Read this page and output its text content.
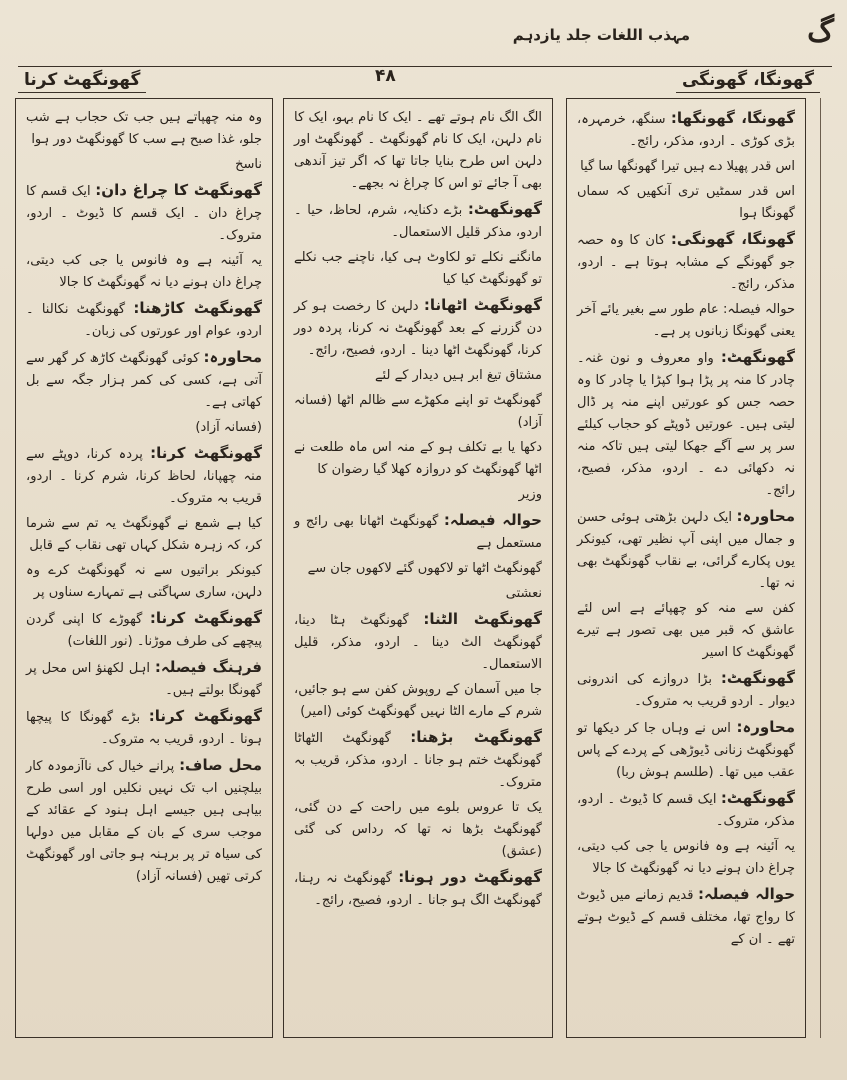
گ
مہذب اللغات جلد یازدہم
گھونگھٹ کرنا	۴۸	گھونگا، گھونگی

گھونگا، گھونگھا: سنگھ، خرمہرہ، بڑی کوڑی ۔ اردو، مذکر، رائج۔

اس قدر پھیلا دے ہیں تیرا گھونگھا سا گیا

اس قدر سمٹیں تری آنکھیں کہ سماں گھونگا ہوا

گھونگا، گھونگی: کان کا وہ حصہ جو گھونگے کے مشابہ ہوتا ہے ۔ اردو، مذکر، رائج۔

حوالہ فیصلہ: عام طور سے بغیر یائے آخر یعنی گھونگا زبانوں پر ہے۔

گھونگھٹ: واو معروف و نون غنہ۔ چادر کا منہ پر پڑا ہوا کپڑا یا چادر کا وہ حصہ جس کو عورتیں اپنے منہ پر ڈال لیتی ہیں۔ عورتیں ڈوپٹے کو حجاب کیلئے سر پر سے آگے جھکا لیتی ہیں تاکہ منہ نہ دکھائی دے ۔ اردو، مذکر، فصیح، رائج۔

محاورہ: ایک دلہن بڑھتی ہوئی حسن و جمال میں اپنی آپ نظیر تھی، کیونکر یوں پکارے گرائی، بے نقاب گھونگھٹ بھی نہ تھا۔

کفن سے منہ کو چھپائے ہے اس لئے عاشق کہ قبر میں بھی تصور ہے تیرے گھونگھٹ کا اسیر

گھونگھٹ: بڑا دروازے کی اندرونی دیوار ۔ اردو قریب بہ متروک۔

محاورہ: اس نے وہاں جا کر دیکھا تو گھونگھٹ زنانی ڈیوڑھی کے پردے کے پاس عقب میں تھا۔ (طلسم ہوش ربا)

گھونگھٹ: ایک قسم کا ڈیوٹ ۔ اردو، مذکر، متروک۔

یہ آئینہ ہے وہ فانوس یا جی کب دیتی، چراغ دان ہونے دیا نہ گھونگھٹ کا جالا

حوالہ فیصلہ: قدیم زمانے میں ڈیوٹ کا رواج تھا، مختلف قسم کے ڈیوٹ ہوتے تھے ۔ ان کے

الگ الگ نام ہوتے تھے ۔ ایک کا نام بہو، ایک کا نام دلہن، ایک کا نام گھونگھٹ ۔ گھونگھٹ اور دلہن اس طرح بنایا جاتا تھا کہ اگر تیز آندھی بھی آ جائے تو اس کا چراغ نہ بجھے۔

گھونگھٹ: بڑے دکنایہ، شرم، لحاظ، حیا ۔ اردو، مذکر قلیل الاستعمال۔

مانگنے نکلے تو لکاوٹ ہی کیا، ناچنے جب نکلے تو گھونگھٹ کیا کیا

گھونگھٹ اٹھانا: دلہن کا رخصت ہو کر دن گزرنے کے بعد گھونگھٹ نہ کرنا، پردہ دور کرنا، گھونگھٹ اٹھا دینا ۔ اردو، فصیح، رائج۔

مشتاق تیغ ابر ہیں دیدار کے لئے

گھونگھٹ تو اپنے مکھڑے سے ظالم اٹھا (فسانہ آزاد)

دکھا یا بے تکلف ہو کے منہ اس ماہ طلعت نے اٹھا گھونگھٹ کو دروازہ کھلا گیا رضوان کا

وزیر

حوالہ فیصلہ: گھونگھٹ اٹھانا بھی رائج و مستعمل ہے

گھونگھٹ اٹھا تو لاکھوں گئے لاکھوں جان سے

نعشتی

گھونگھٹ الٹنا: گھونگھٹ ہٹا دینا، گھونگھٹ الٹ دینا ۔ اردو، مذکر، قلیل الاستعمال۔

جا میں آسمان کے روپوش کفن سے ہو جائیں، شرم کے مارے الٹا نہیں گھونگھٹ کوئی (امیر)

گھونگھٹ بڑھنا: گھونگھٹ الٹھاٹا گھونگھٹ ختم ہو جانا ۔ اردو، مذکر، قریب بہ متروک۔

یک تا عروس بلوے میں راحت کے دن گئی، گھونگھٹ بڑھا نہ تھا کہ رداس کی گئی (عشق)

گھونگھٹ دور ہونا: گھونگھٹ نہ رہنا، گھونگھٹ الگ ہو جانا ۔ اردو، فصیح، رائج۔

وہ منہ چھپاتے ہیں جب تک حجاب ہے شب جلو، غذا صبح ہے سب کا گھونگھٹ دور ہوا

ناسخ

گھونگھٹ کا چراغ دان: ایک قسم کا چراغ دان ۔ ایک قسم کا ڈیوٹ ۔ اردو، متروک۔

یہ آئینہ ہے وہ فانوس یا جی کب دیتی، چراغ دان ہونے دیا نہ گھونگھٹ کا جالا

گھونگھٹ کاڑھنا: گھونگھٹ نکالنا ۔ اردو، عوام اور عورتوں کی زبان۔

محاورہ: کوئی گھونگھٹ کاڑھ کر گھر سے آتی ہے، کسی کی کمر ہزار جگہ سے بل کھاتی ہے۔

(فسانہ آزاد)

گھونگھٹ کرنا: پردہ کرنا، دوپٹے سے منہ چھپانا، لحاظ کرنا، شرم کرنا ۔ اردو، قریب بہ متروک۔

کیا ہے شمع نے گھونگھٹ یہ تم سے شرما کر، کہ زہرہ شکل کہاں تھی نقاب کے قابل

کیونکر براتیوں سے نہ گھونگھٹ کرے وہ دلہن، ساری سہاگتی ہے تمہارے سناوں پر

گھونگھٹ کرنا: گھوڑے کا اپنی گردن پیچھے کی طرف موڑنا۔ (نور اللغات)

فرہنگ فیصلہ: اہل لکھنؤ اس محل پر گھونگا بولتے ہیں۔

گھونگھٹ کرنا: بڑے گھونگا کا پیچھا ہونا ۔ اردو، قریب بہ متروک۔

محل صاف: پرانے خیال کی ناآزمودہ کار بیلچنیں اب تک نہیں نکلیں اور اسی طرح بیاہی ہیں جیسے اہل ہنود کے عقائد کے موجب سری کے بان کے مقابل میں دولہا کی سیاہ تر پر برہنہ ہو جاتی اور گھونگھٹ کرتی تھیں (فسانہ آزاد)
